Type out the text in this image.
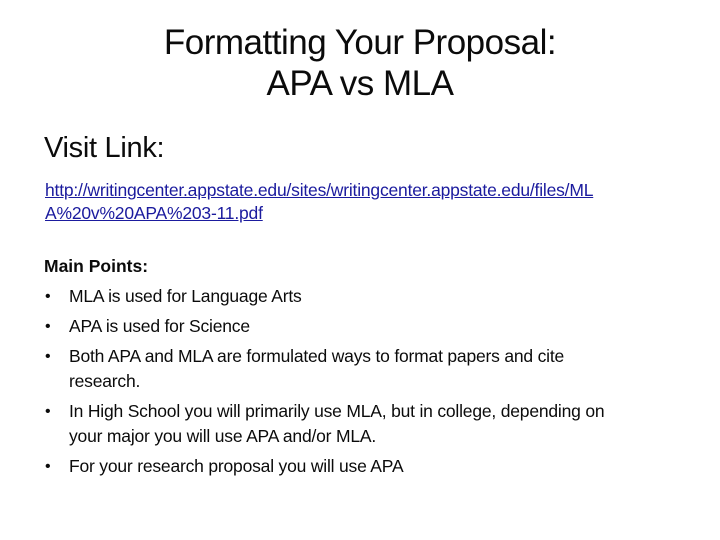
Formatting Your Proposal:
APA vs MLA
Visit Link:
http://writingcenter.appstate.edu/sites/writingcenter.appstate.edu/files/ML
A%20v%20APA%203-11.pdf
Main Points:
• MLA is used for Language Arts
• APA is used for Science
• Both APA and MLA are formulated ways to format papers and cite
research.
• In High School you will primarily use MLA, but in college, depending on
your major you will use APA and/or MLA.
• For your research proposal you will use APA
